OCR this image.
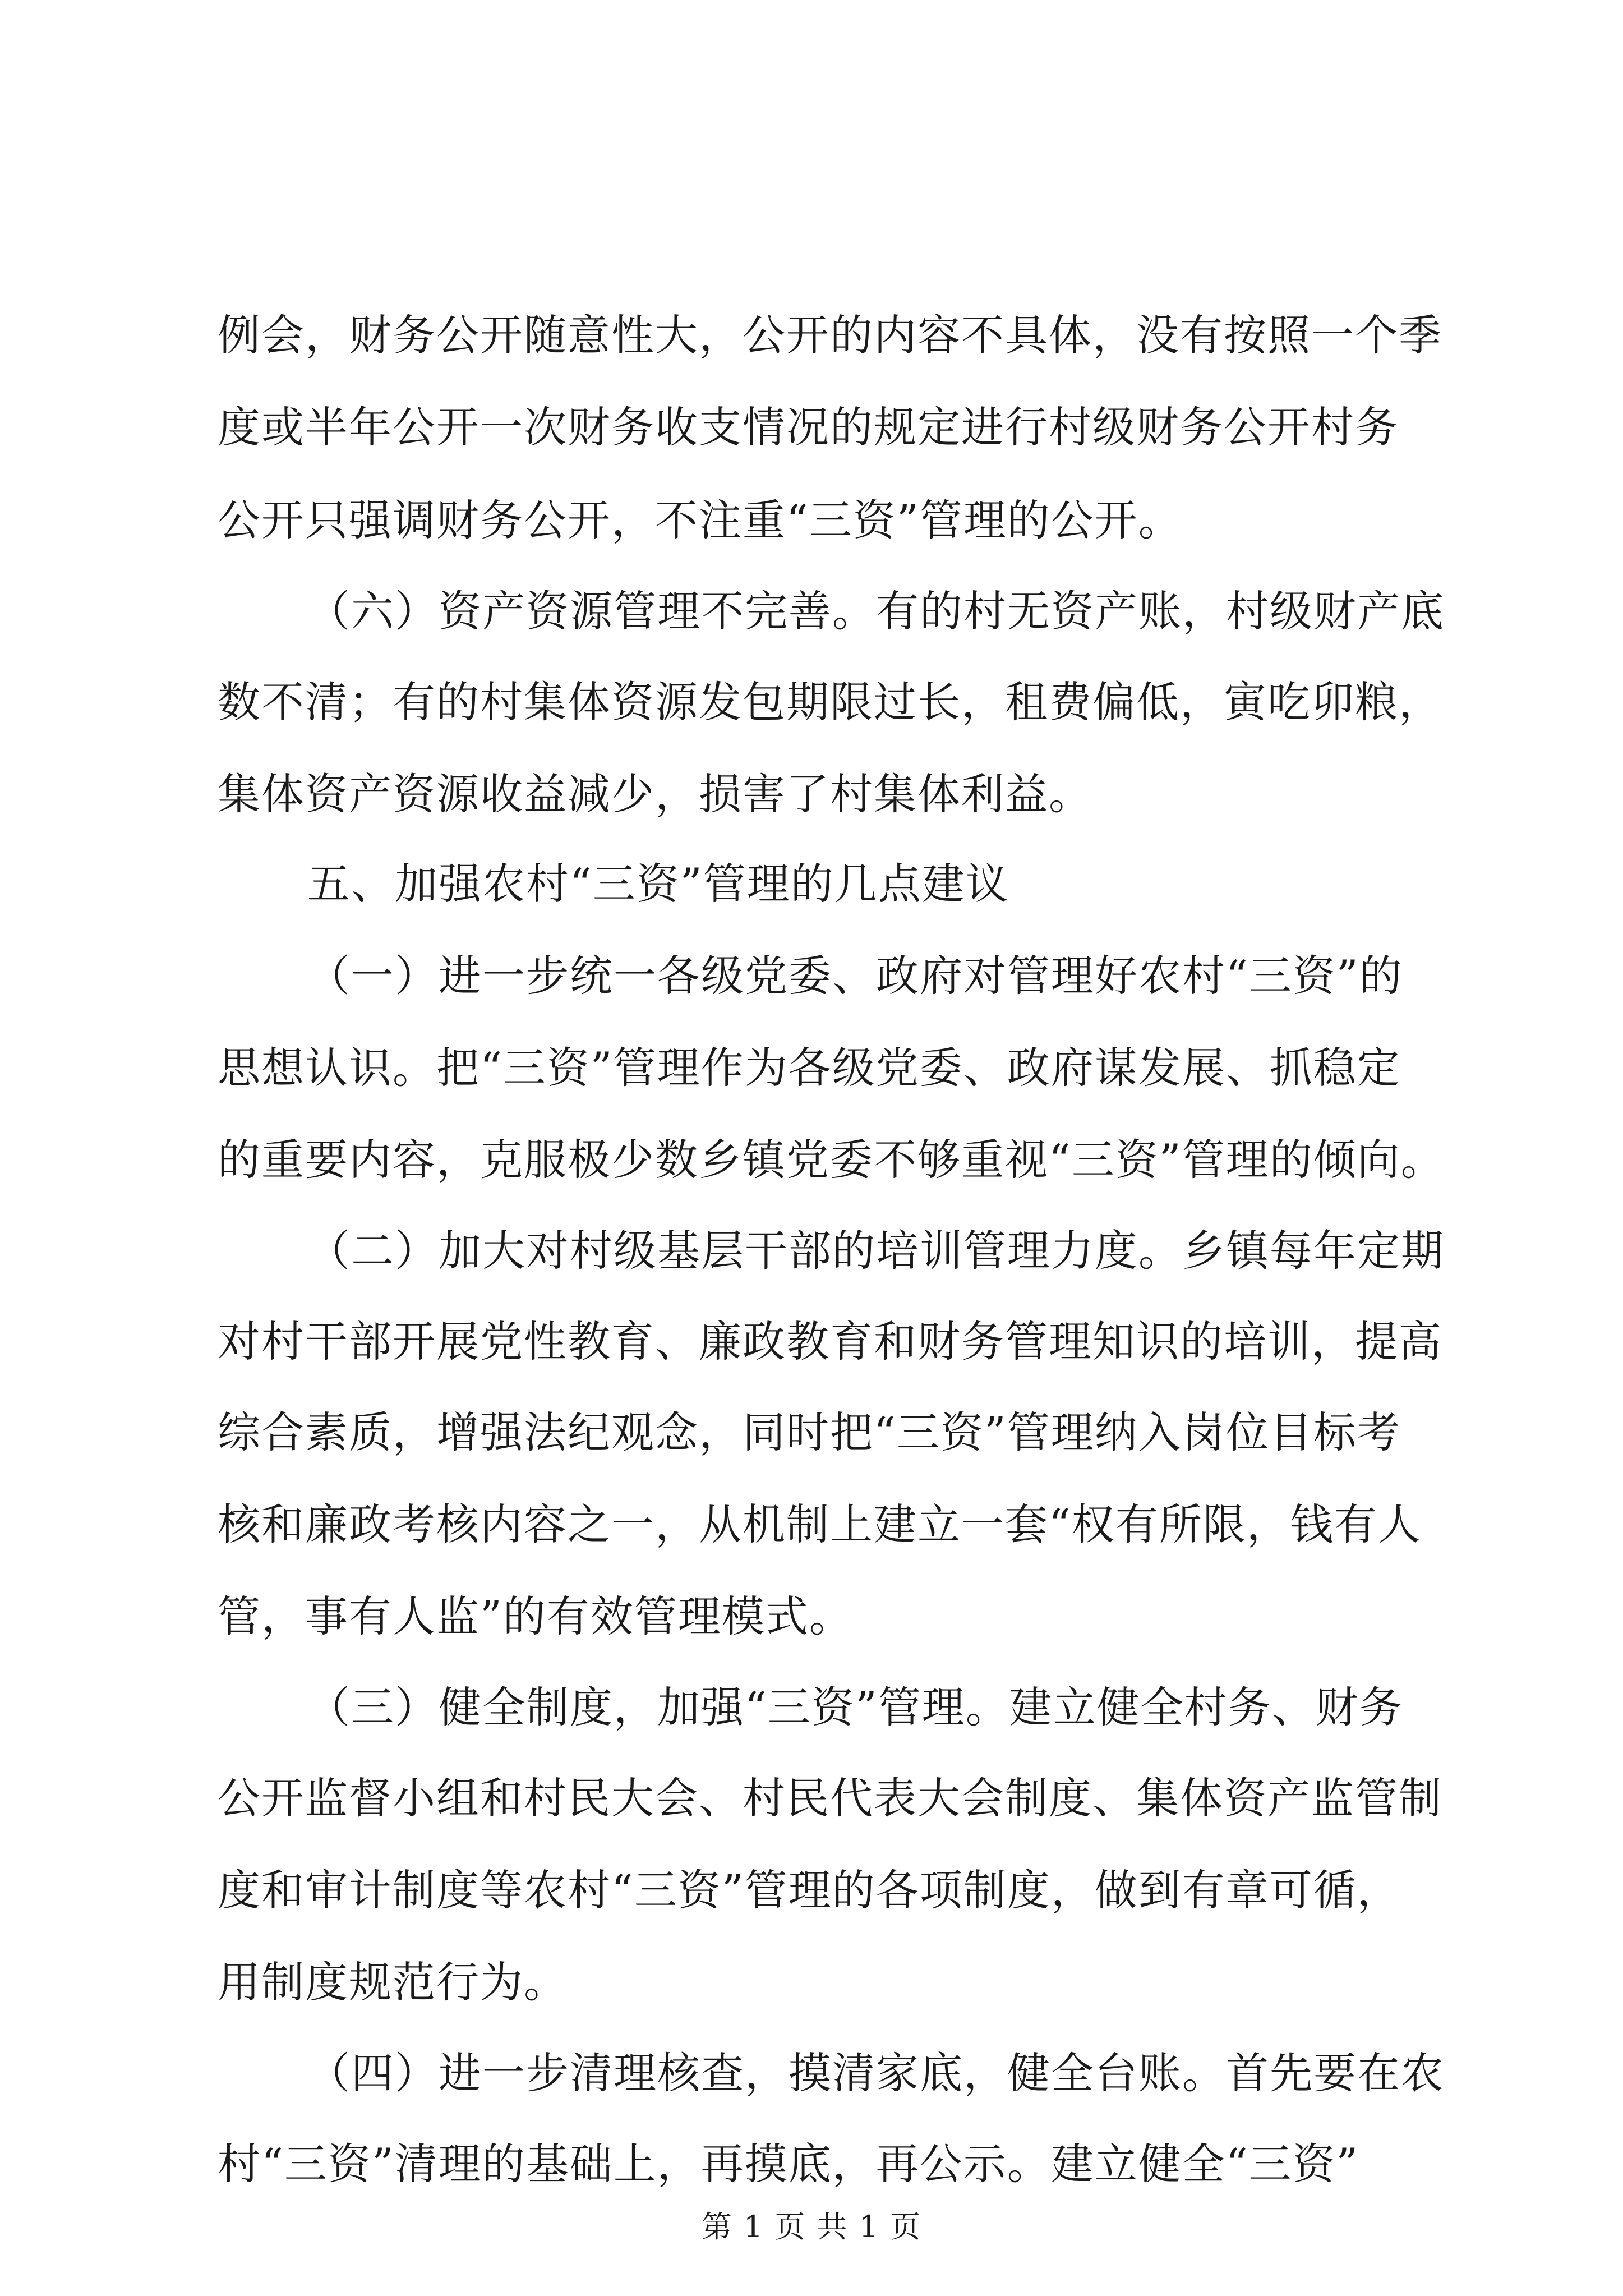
例会，财务公开随意性大，公开的内容不具体，没有按照一个季
度或半年公开一次财务收支情况的规定进行村级财务公开村务
公开只强调财务公开，不注重“三资”管理的公开。
（六）资产资源管理不完善。有的村无资产账，村级财产底
数不清；有的村集体资源发包期限过长，租费偏低，寅吃卯粮，
集体资产资源收益减少，损害了村集体利益。
五、加强农村“三资”管理的几点建议
（一）进一步统一各级党委、政府对管理好农村“三资”的
思想认识。把“三资”管理作为各级党委、政府谋发展、抓稳定
的重要内容，克服极少数乡镇党委不够重视“三资”管理的倾向。
（二）加大对村级基层干部的培训管理力度。乡镇每年定期
对村干部开展党性教育、廉政教育和财务管理知识的培训，提高
综合素质，增强法纪观念，同时把“三资”管理纳入岗位目标考
核和廉政考核内容之一，从机制上建立一套“权有所限，钱有人
管，事有人监”的有效管理模式。
（三）健全制度，加强“三资”管理。建立健全村务、财务
公开监督小组和村民大会、村民代表大会制度、集体资产监管制
度和审计制度等农村“三资”管理的各项制度，做到有章可循，
用制度规范行为。
（四）进一步清理核查，摸清家底，健全台账。首先要在农
村“三资”清理的基础上，再摸底，再公示。建立健全“三资”
第 1 页 共 1 页
